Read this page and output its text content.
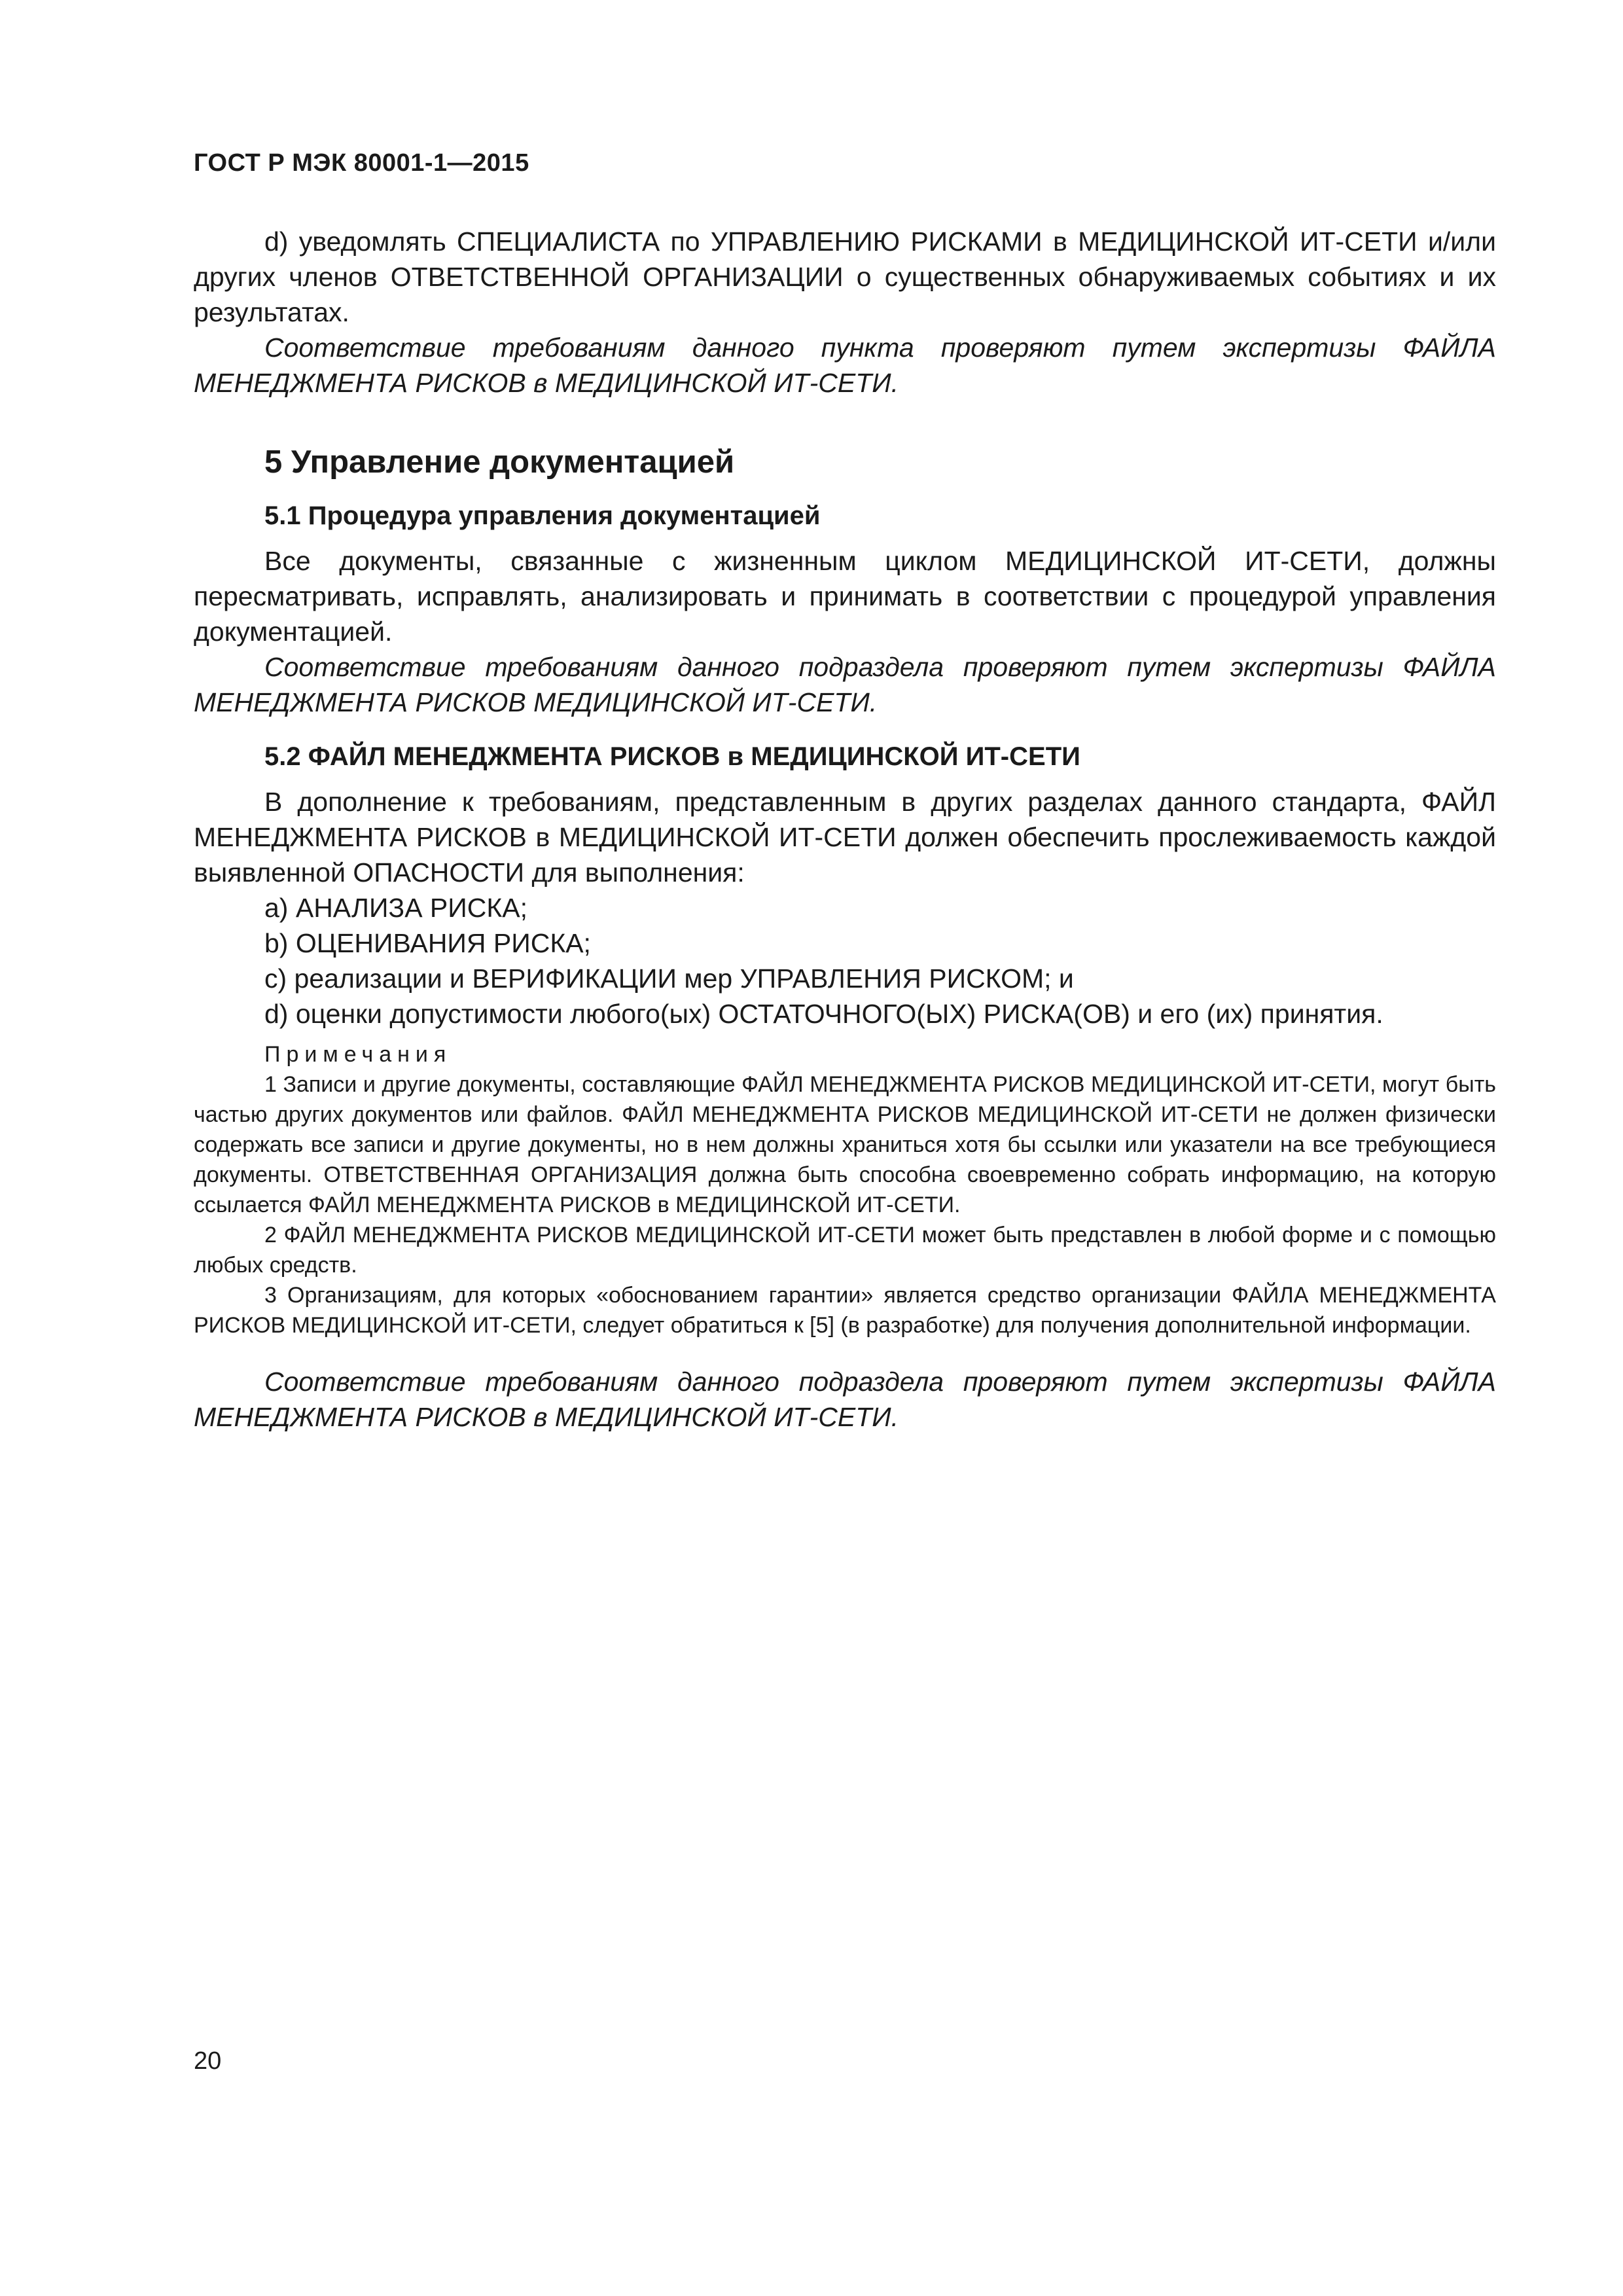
ГОСТ Р МЭК 80001-1—2015

d) уведомлять СПЕЦИАЛИСТА по УПРАВЛЕНИЮ РИСКАМИ в МЕДИЦИНСКОЙ ИТ-СЕТИ и/или других членов ОТВЕТСТВЕННОЙ ОРГАНИЗАЦИИ о существенных обнаруживаемых событиях и их результатах.

Соответствие требованиям данного пункта проверяют путем экспертизы ФАЙЛА МЕНЕДЖМЕНТА РИСКОВ в МЕДИЦИНСКОЙ ИТ-СЕТИ.

5 Управление документацией
5.1 Процедура управления документацией

Все документы, связанные с жизненным циклом МЕДИЦИНСКОЙ ИТ-СЕТИ, должны пересматривать, исправлять, анализировать и принимать в соответствии с процедурой управления документацией.

Соответствие требованиям данного подраздела проверяют путем экспертизы ФАЙЛА МЕНЕДЖМЕНТА РИСКОВ МЕДИЦИНСКОЙ ИТ-СЕТИ.

5.2 ФАЙЛ МЕНЕДЖМЕНТА РИСКОВ в МЕДИЦИНСКОЙ ИТ-СЕТИ

В дополнение к требованиям, представленным в других разделах данного стандарта, ФАЙЛ МЕНЕДЖМЕНТА РИСКОВ в МЕДИЦИНСКОЙ ИТ-СЕТИ должен обеспечить прослеживаемость каждой выявленной ОПАСНОСТИ для выполнения:

а) АНАЛИЗА РИСКА;
b) ОЦЕНИВАНИЯ РИСКА;
с) реализации и ВЕРИФИКАЦИИ мер УПРАВЛЕНИЯ РИСКОМ; и
d) оценки допустимости любого(ых) ОСТАТОЧНОГО(ЫХ) РИСКА(ОВ) и его (их) принятия.
Примечания

1 Записи и другие документы, составляющие ФАЙЛ МЕНЕДЖМЕНТА РИСКОВ МЕДИЦИНСКОЙ ИТ-СЕТИ, могут быть частью других документов или файлов. ФАЙЛ МЕНЕДЖМЕНТА РИСКОВ МЕДИЦИНСКОЙ ИТ-СЕТИ не должен физически содержать все записи и другие документы, но в нем должны храниться хотя бы ссылки или указатели на все требующиеся документы. ОТВЕТСТВЕННАЯ ОРГАНИЗАЦИЯ должна быть способна своевременно собрать информацию, на которую ссылается ФАЙЛ МЕНЕДЖМЕНТА РИСКОВ в МЕДИЦИНСКОЙ ИТ-СЕТИ.

2 ФАЙЛ МЕНЕДЖМЕНТА РИСКОВ МЕДИЦИНСКОЙ ИТ-СЕТИ может быть представлен в любой форме и с помощью любых средств.

3 Организациям, для которых «обоснованием гарантии» является средство организации ФАЙЛА МЕНЕДЖМЕНТА РИСКОВ МЕДИЦИНСКОЙ ИТ-СЕТИ, следует обратиться к [5] (в разработке) для получения дополнительной информации.

Соответствие требованиям данного подраздела проверяют путем экспертизы ФАЙЛА МЕНЕДЖМЕНТА РИСКОВ в МЕДИЦИНСКОЙ ИТ-СЕТИ.

20
